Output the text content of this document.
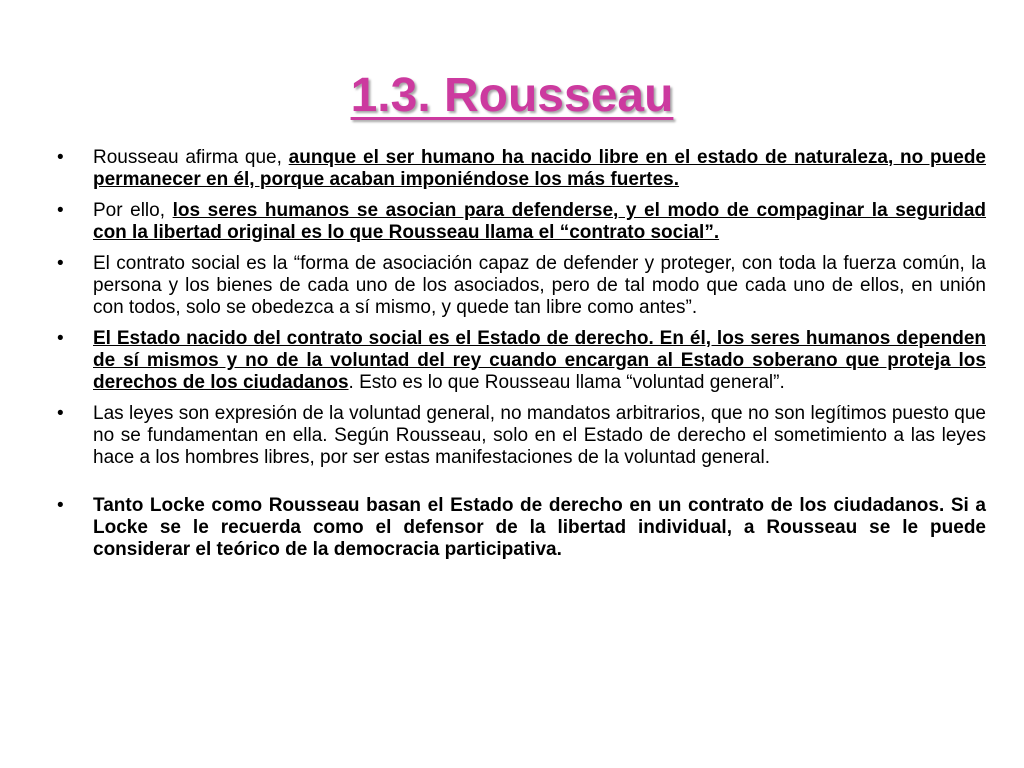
1.3. Rousseau
• Rousseau afirma que, aunque el ser humano ha nacido libre en el estado de naturaleza, no puede permanecer en él, porque acaban imponiéndose los más fuertes.
• Por ello, los seres humanos se asocian para defenderse, y el modo de compaginar la seguridad con la libertad original es lo que Rousseau llama el “contrato social”.
• El contrato social es la “forma de asociación capaz de defender y proteger, con toda la fuerza común, la persona y los bienes de cada uno de los asociados, pero de tal modo que cada uno de ellos, en unión con todos, solo se obedezca a sí mismo, y quede tan libre como antes”.
• El Estado nacido del contrato social es el Estado de derecho. En él, los seres humanos dependen de sí mismos y no de la voluntad del rey cuando encargan al Estado soberano que proteja los derechos de los ciudadanos. Esto es lo que Rousseau llama “voluntad general”.
• Las leyes son expresión de la voluntad general, no mandatos arbitrarios, que no son legítimos puesto que no se fundamentan en ella. Según Rousseau, solo en el Estado de derecho el sometimiento a las leyes hace a los hombres libres, por ser estas manifestaciones de la voluntad general.
• Tanto Locke como Rousseau basan el Estado de derecho en un contrato de los ciudadanos. Si a Locke se le recuerda como el defensor de la libertad individual, a Rousseau se le puede considerar el teórico de la democracia participativa.
